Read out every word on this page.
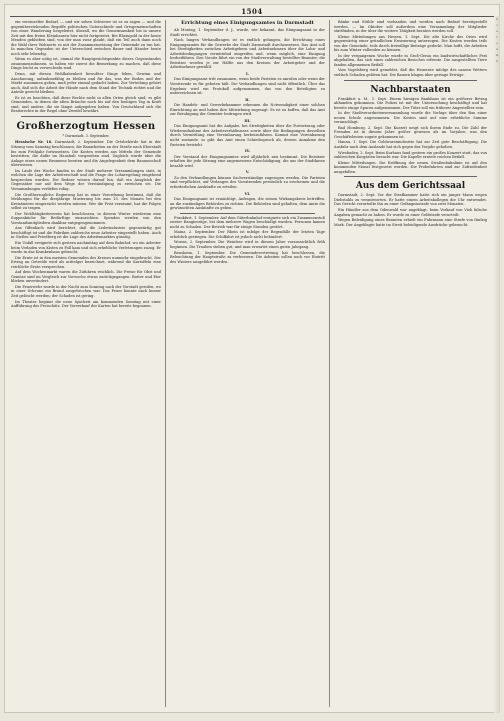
1504
n
i
e
r
s
a
m
n

ein vereinzelter Bedarf, — und wir sehen Schwerer ist es zu sagen — und die gegenüberstehenden Begriffe politischen Unterschiede und Ortsgemeinschaften von einer Wanderung hergeleitet, überall, wo die Gemeinsamkeit bis in unsere Zeit mit den freien Kleinbauern hier nicht fortgesetzt. Bei Rheingold in der heute Menden geblieben sind, von der man zwar glaubt, daß ein Teil auch dann noch die Wahl ihrer Wohnorte es mit der Zusammensetzung der Gemeinde zu tun hat. In manchen Gegenden ist der Unterschied zwischen Bauer und Häusler heute noch sehr lebendig.

Wenn es aber nötig ist, einmal die Hauptgesichtspunkte dieses Gegenstandes zusammenzufassen, so haben wir zuerst die Bemerkung zu machen, daß diese Dinge leicht zu verwechseln sind.

Denn, mit diesen Wohlhabenheit bewußter Dinge leben, Gewinn und Anschauung, aufnahmefähig zu bleiben und für das, was der Boden und der Markt zusammen geben, muß jeder einmal gedacht haben. Zur Verteilung gehört auch, daß sich die Arbeit der Hände nach dem Stand der Technik richtet und die Anteile gerecht bleiben.

Es ist zu beachten, daß diese Rechte nicht in allen Orten gleich sind; es gibt Gemeinden, in denen die alten Bräuche noch bis auf den heutigen Tag in Kraft sind, und andere, die sie längst aufgegeben haben. Von Deutschland sich die Besitzrechte in der Regel ohne Zweifel bewährt.

Großherzogtum Hessen

* Darmstadt, 3. September.

Hessische Nr. 16. Darmstadt, 2. September. Die Ortsbehörde hat in der Sitzung vom Samstag beschlossen, die Bauarbeiten an der Straße nach Eberstadt bis zum Frühjahr fortzusetzen. Die Kosten werden aus Mitteln der Gemeinde bestritten, die dafür im Haushalt vorgesehen sind. Zugleich wurde über die Anlage eines neuen Brunnens beraten und die Angelegenheit dem Bauausschuß überwiesen.

Im Laufe der Woche fanden in der Stadt mehrere Versammlungen statt, in welchen die Lage der Arbeiterschaft und die Frage der Lohnregelung eingehend besprochen wurden. Die Redner wiesen darauf hin, daß ein Ausgleich der Gegensätze nur auf dem Wege der Verständigung zu erreichen sei. Die Versammlungen verliefen ruhig.

Die Großherzogliche Regierung hat in einer Verordnung bestimmt, daß die Meldungen für die diesjährige Musterung bis zum 15. des Monats bei den Kreisämtern eingereicht werden müssen. Wer die Frist versäumt, hat die Folgen selbst zu tragen.

Der Wohltätigkeitsverein hat beschlossen, in diesem Winter wiederum eine Suppenküche für Bedürftige einzurichten. Spenden werden von den Vorstandsmitgliedern dankbar entgegengenommen.

Aus Offenbach wird berichtet, daß die Lederindustrie gegenwärtig gut beschäftigt ist und die Fabriken zahlreiche neue Arbeiter eingestellt haben. Auch in Gießen und Friedberg ist die Lage des Arbeitsmarktes günstig.

Ein Unfall ereignete sich gestern nachmittag auf dem Bahnhof, wo ein Arbeiter beim Verladen von Kisten zu Fall kam und sich erhebliche Verletzungen zuzog. Er wurde in das Krankenhaus gebracht.

Die Ernte ist in den meisten Gemeinden des Kreises nunmehr eingebracht. Der Ertrag an Getreide wird als mittelgut bezeichnet, während die Kartoffeln eine reichliche Ernte versprechen.

Auf dem Wochenmarkt waren die Zufuhren reichlich. Die Preise für Obst und Gemüse sind im Vergleich zur Vorwoche etwas zurückgegangen. Butter und Eier blieben unverändert.

Die Feuerwehr wurde in der Nacht zum Sonntag nach der Vorstadt gerufen, wo in einer Scheune ein Brand ausgebrochen war. Das Feuer konnte nach kurzer Zeit gelöscht werden; der Schaden ist gering.

Im Theater beginnt die neue Spielzeit am kommenden Sonntag mit einer Aufführung des Freischütz. Der Vorverkauf der Karten hat bereits begonnen.

Errichtung eines Einigungsamtes in Darmstadt

Ab Montag, 1. September d. J., wurde, wie bekannt, das Einigungsamt in der Stadt errichtet.

Nach langen Verhandlungen ist es endlich gelungen, die Errichtung eines Einigungsamtes für die Gewerbe der Stadt Darmstadt durchzusetzen. Das Amt soll bei Streitigkeiten zwischen Arbeitgebern und Arbeitnehmern über die Lohn- und Arbeitsbedingungen vermittelnd eingreifen und, wenn möglich, eine Einigung herbeiführen. Den Vorsitz führt ein von der Stadtverwaltung bestellter Beamter; die Beisitzer werden je zur Hälfte aus den Kreisen der Arbeitgeber und der Arbeitnehmer gewählt.

I.

Das Einigungsamt tritt zusammen, wenn beide Parteien es anrufen oder wenn der Vorsitzende es für geboten hält. Die Verhandlungen sind nicht öffentlich. Über das Ergebnis wird ein Protokoll aufgenommen, das von den Beteiligten zu unterzeichnen ist.

II.

Die Handels- und Gewerbekammer erkennen die Notwendigkeit einer solchen Einrichtung an und haben ihre Mitwirkung zugesagt. Es ist zu hoffen, daß das Amt zur Beruhigung der Gemüter beitragen wird.

III.

Das Einigungsamt hat die Aufgabe, bei Streitigkeiten über die Fortsetzung oder Wiederaufnahme des Arbeitsverhältnisses sowie über die Bedingungen desselben durch Vermittlung eine Vereinbarung herbeizuführen. Kommt eine Vereinbarung nicht zustande, so gibt das Amt einen Schiedsspruch ab, dessen Annahme den Parteien freisteht.

IV.

Der Vorstand der Einigungsamtes wird alljährlich neu bestimmt. Die Beisitzer erhalten für jede Sitzung eine angemessene Entschädigung, die aus der Stadtkasse bezahlt wird.

V.

Zu den Verhandlungen können Sachverständige zugezogen werden. Die Parteien sind verpflichtet, auf Verlangen des Vorsitzenden persönlich zu erscheinen und die erforderlichen Auskünfte zu erteilen.

VI.

Das Einigungsamt ist ermächtigt, Anfragen, die seinen Wirkungskreis betreffen, an die zuständigen Behörden zu richten. Die Behörden sind gehalten, dem Amte die gewünschten Auskünfte zu geben.

Frankfurt, 1. September. Auf dem Güterbahnhof ereignete sich ein Zusammenstoß zweier Rangierzüge, bei dem mehrere Wagen beschädigt wurden. Personen kamen nicht zu Schaden. Der Betrieb war für einige Stunden gestört.

Mainz, 2. September. Der Rhein ist infolge der Regenfälle der letzten Tage erheblich gestiegen. Die Schiffahrt ist jedoch nicht behindert.

Worms, 2. September. Die Weinlese wird in diesem Jahre voraussichtlich früh beginnen. Die Trauben stehen gut, und man erwartet einen guten Jahrgang.

Bensheim, 1. September. Die Gemeindevertretung hat beschlossen, die Beleuchtung der Hauptstraße zu verbessern. Die Arbeiten sollen noch vor Eintritt des Winters ausgeführt werden.

Bänke und Stühle sind vorhanden und werden nach Bedarf bereitgestellt werden. — Im Oktober soll außerdem eine Versammlung der Mitglieder stattfinden, in der über die weitere Tätigkeit beraten werden soll.

Kleine Mitteilungen aus Hessen, 1. Sept. Die alte Kirche des Ortes wird gegenwärtig einer gründlichen Erneuerung unterzogen. Die Kosten werden teils von der Gemeinde, teils durch freiwillige Beiträge gedeckt. Man hofft, die Arbeiten bis zum Winter vollenden zu können.

In der vergangenen Woche wurde in Groß-Gerau ein landwirtschaftliches Fest abgehalten, das sich eines zahlreichen Besuches erfreute. Die ausgestellten Tiere fanden allgemeinen Beifall.

Vom Vogelsberg wird gemeldet, daß die Heuernte infolge des nassen Wetters vielfach Schaden gelitten hat. Die Bauern klagen über geringe Erträge.

Nachbarstaaten

Frankfurt a. M., 1. Sept. Einem hiesigen Bankhaus ist ein größerer Betrag abhanden gekommen. Die Polizei ist mit der Untersuchung beschäftigt und hat bereits einige Spuren aufgenommen. Der Täter soll ein früherer Angestellter sein.

In der Stadtverordnetenversammlung wurde die Vorlage über den Bau einer neuen Schule angenommen. Die Kosten sind auf eine erhebliche Summe veranschlagt.

Bad Homburg, 2. Sept. Die Kurzeit neigt sich ihrem Ende zu. Die Zahl der Fremden ist in diesem Jahre größer gewesen als im Vorjahre, was den Geschäftsleuten zugute gekommen ist.

Hanau, 1. Sept. Die Goldwarenindustrie hat zur Zeit gute Beschäftigung. Die Ausfuhr nach dem Auslande hat sich gegen das Vorjahr gehoben.

Wiesbaden, 2. Sept. Beim Kurhaus fand gestern ein großes Konzert statt, das von zahlreichen Kurgästen besucht war. Die Kapelle erntete reichen Beifall.

Kleine Mitteilungen. Die Eröffnung der neuen Straßenbahnlinie ist auf den kommenden Monat festgesetzt worden. Die Probefahrten sind zur Zufriedenheit ausgefallen.

Aus dem Gerichtssaal

Darmstadt, 2. Sept. Vor der Strafkammer hatte sich ein junger Mann wegen Diebstahls zu verantworten. Er hatte einem Arbeitskollegen die Uhr entwendet. Das Gericht verurteilte ihn zu einer Gefängnisstrafe von zwei Monaten.

Ein Händler aus dem Odenwald war angeklagt, beim Verkauf von Vieh falsche Angaben gemacht zu haben. Er wurde zu einer Geldstrafe verurteilt.

Wegen Beleidigung eines Beamten erhielt ein Fuhrmann eine Strafe von fünfzig Mark. Der Angeklagte hatte im Streit beleidigende Ausdrücke gebraucht.
